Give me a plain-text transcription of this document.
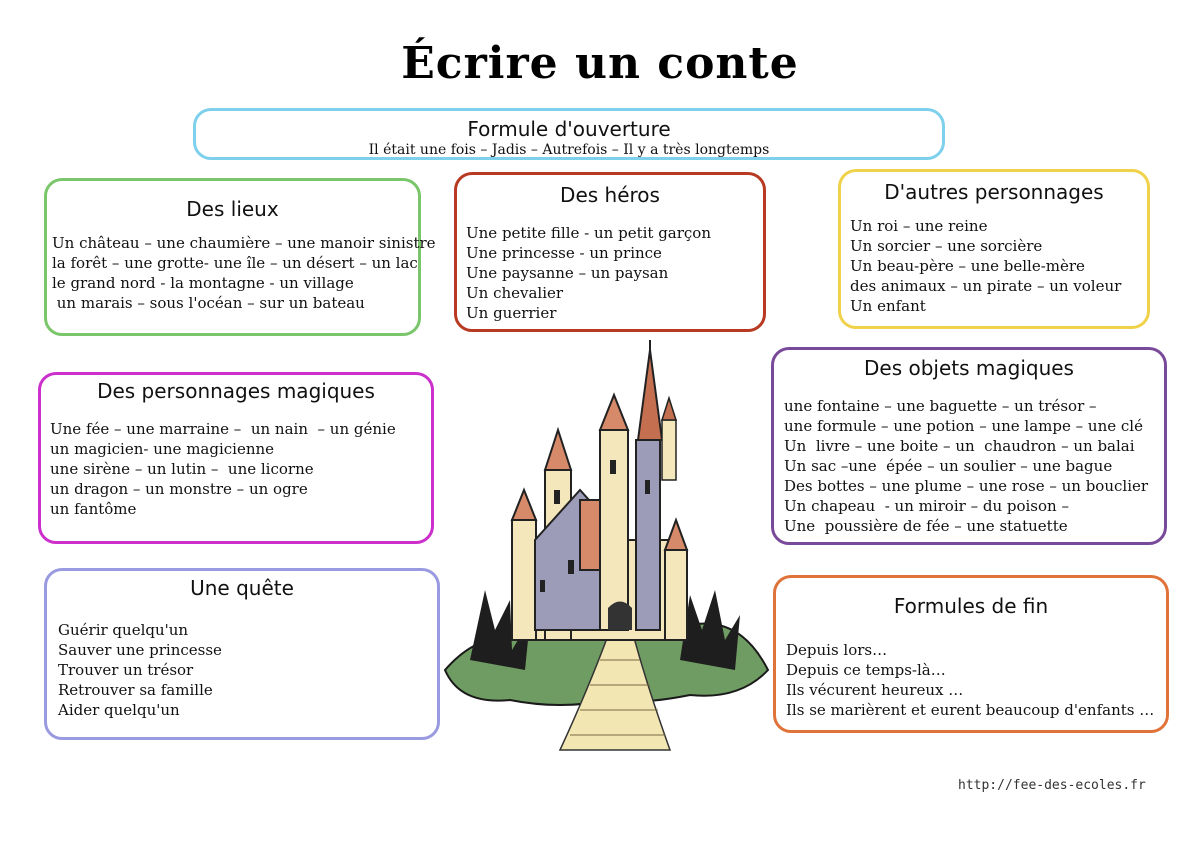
Écrire un conte
Formule d'ouverture
Il était une fois – Jadis – Autrefois – Il y a très longtemps
Des lieux
Un château – une chaumière – une manoir sinistre
la forêt – une grotte- une île – un désert – un lac
le grand nord - la montagne - un village
un marais – sous l'océan – sur un bateau
Des héros
Une petite fille - un petit garçon
Une princesse - un prince
Une paysanne – un paysan
Un chevalier
Un guerrier
D'autres personnages
Un roi – une reine
Un sorcier – une sorcière
Un beau-père – une belle-mère
des animaux – un pirate – un voleur
Un enfant
Des personnages magiques
Une fée – une marraine –  un nain  – un génie
un magicien- une magicienne
une sirène – un lutin –  une licorne
un dragon – un monstre – un ogre
un fantôme
Des objets magiques
une fontaine – une baguette – un trésor –
une formule – une potion – une lampe – une clé
Un  livre – une boite – un  chaudron – un balai
Un sac –une  épée – un soulier – une bague
Des bottes – une plume – une rose – un bouclier
Un chapeau  - un miroir – du poison –
Une  poussière de fée – une statuette
Une quête
Guérir quelqu'un
Sauver une princesse
Trouver un trésor
Retrouver sa famille
Aider quelqu'un
Formules de fin
Depuis lors…
Depuis ce temps-là…
Ils vécurent heureux …
Ils se marièrent et eurent beaucoup d'enfants …
http://fee-des-ecoles.fr
